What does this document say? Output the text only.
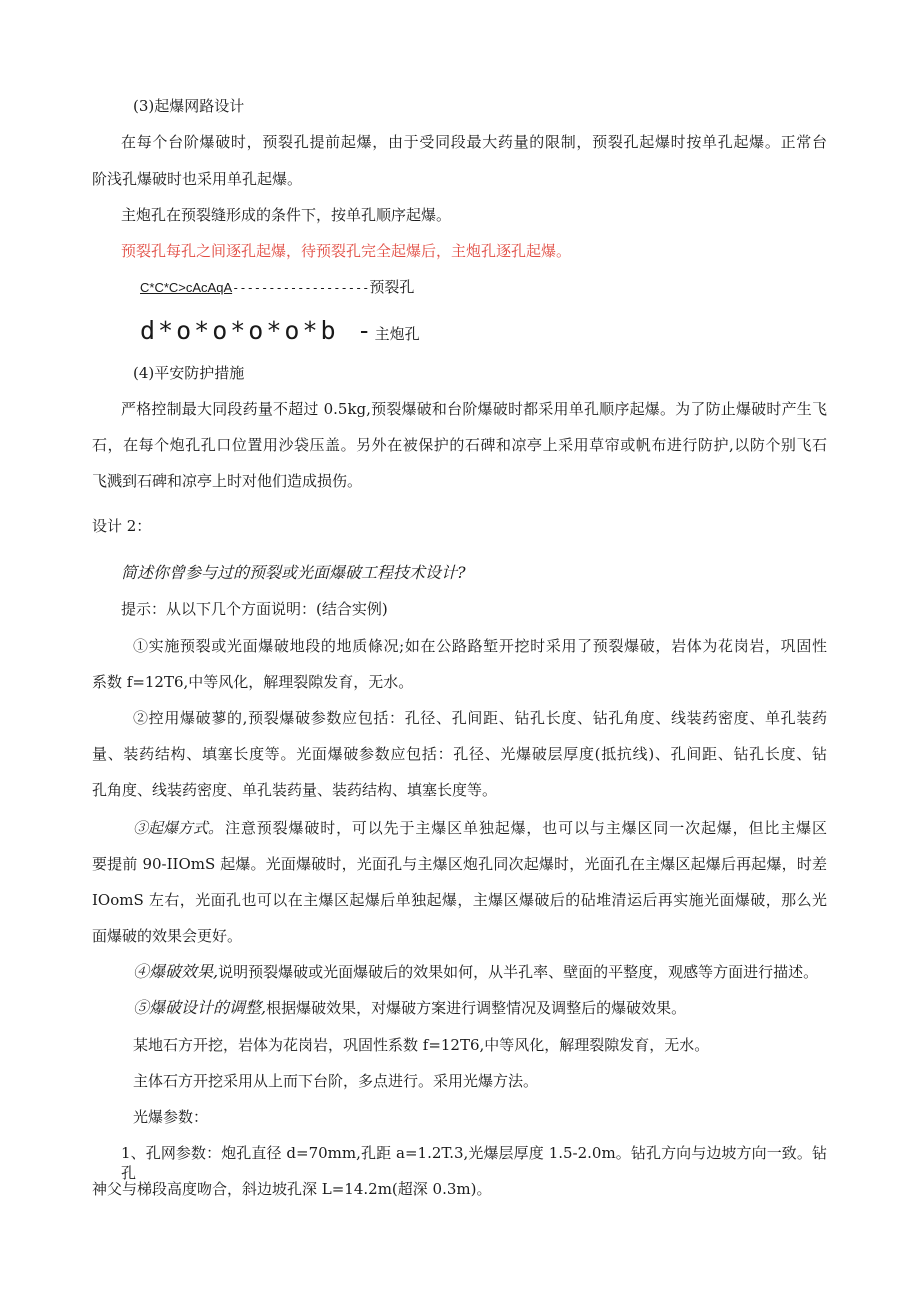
(3)起爆网路设计
在每个台阶爆破时，预裂孔提前起爆，由于受同段最大药量的限制，预裂孔起爆时按单孔起爆。正常台
阶浅孔爆破时也采用单孔起爆。
主炮孔在预裂缝形成的条件下，按单孔顺序起爆。
预裂孔每孔之间逐孔起爆，待预裂孔完全起爆后，主炮孔逐孔起爆。
C*C*C>cAcAqA-------------------预裂孔
d*o*o*o*o*b -主炮孔
(4)平安防护措施
严格控制最大同段药量不超过 0.5kg,预裂爆破和台阶爆破时都采用单孔顺序起爆。为了防止爆破时产生飞
石，在每个炮孔孔口位置用沙袋压盖。另外在被保护的石碑和凉亭上采用草帘或帆布进行防护,以防个别飞石
飞溅到石碑和凉亭上时对他们造成损伤。
设计 2：
简述你曾参与过的预裂或光面爆破工程技术设计?
提示：从以下几个方面说明：(结合实例)
①实施预裂或光面爆破地段的地质條况;如在公路路堑开挖时采用了预裂爆破，岩体为花岗岩，巩固性
系数 f=12T6,中等风化，解理裂隙发育，无水。
②控用爆破蓼的,预裂爆破参数应包括：孔径、孔间距、钻孔长度、钻孔角度、线装药密度、单孔装药
量、装药结构、填塞长度等。光面爆破参数应包括：孔径、光爆破层厚度(抵抗线)、孔间距、钻孔长度、钻
孔角度、线装药密度、单孔装药量、装药结构、填塞长度等。
③起爆方式。 注意预裂爆破时，可以先于主爆区单独起爆，也可以与主爆区同一次起爆，但比主爆区
要提前 90-IIOmS 起爆。光面爆破时，光面孔与主爆区炮孔同次起爆时，光面孔在主爆区起爆后再起爆，时差
IOomS 左右，光面孔也可以在主爆区起爆后单独起爆，主爆区爆破后的砧堆清运后再实施光面爆破，那么光
面爆破的效果会更好。
④爆破效果,说明预裂爆破或光面爆破后的效果如何，从半孔率、壁面的平整度，观感等方面进行描述。
⑤爆破设计的调整,根据爆破效果，对爆破方案进行调整情况及调整后的爆破效果。
某地石方开挖，岩体为花岗岩，巩固性系数 f=12T6,中等风化，解理裂隙发育，无水。
主体石方开挖采用从上而下台阶，多点进行。采用光爆方法。
光爆参数：
1、孔网参数：炮孔直径 d=70mm,孔距 a=1.2T.3,光爆层厚度 1.5-2.0m。钻孔方向与边坡方向一致。钻孔
神父与梯段高度吻合，斜边坡孔深 L=14.2m(超深 0.3m)。
